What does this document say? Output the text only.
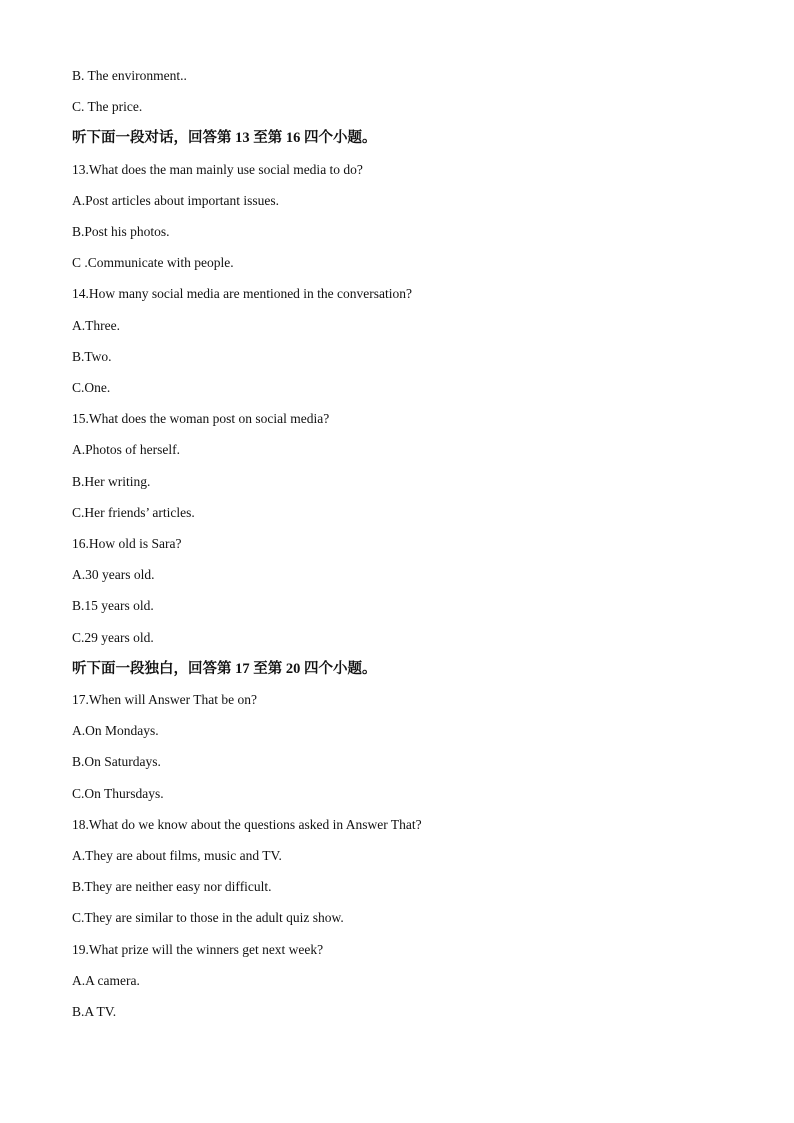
B. The environment..
C. The price.
听下面一段对话，回答第 13 至第 16 四个小题。
13.What does the man mainly use social media to do?
A.Post articles about important issues.
B.Post his photos.
C .Communicate with people.
14.How many social media are mentioned in the conversation?
A.Three.
B.Two.
C.One.
15.What does the woman post on social media?
A.Photos of herself.
B.Her writing.
C.Her friends’ articles.
16.How old is Sara?
A.30 years old.
B.15 years old.
C.29 years old.
听下面一段独白，回答第 17 至第 20 四个小题。
17.When will Answer That be on?
A.On Mondays.
B.On Saturdays.
C.On Thursdays.
18.What do we know about the questions asked in Answer That?
A.They are about films, music and TV.
B.They are neither easy nor difficult.
C.They are similar to those in the adult quiz show.
19.What prize will the winners get next week?
A.A camera.
B.A TV.
